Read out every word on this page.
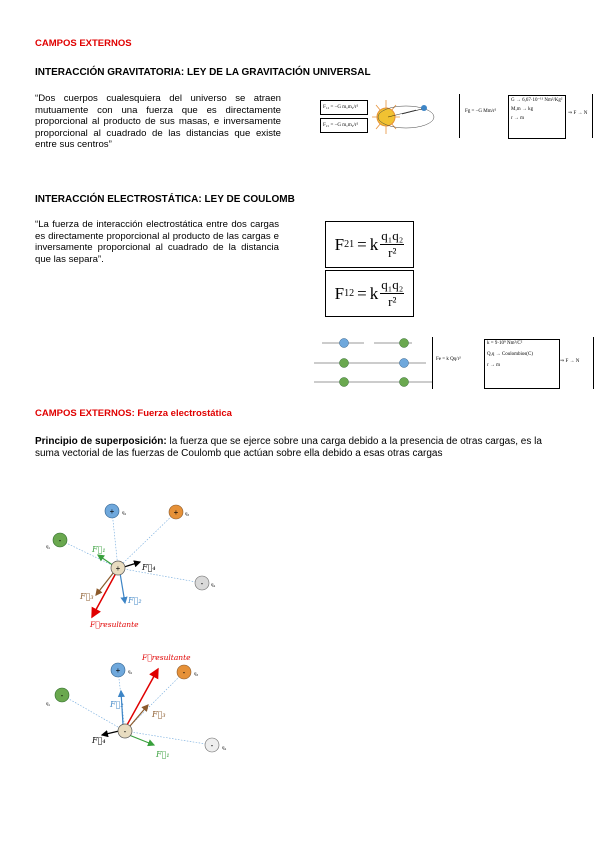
CAMPOS EXTERNOS
INTERACCIÓN GRAVITATORIA: LEY DE LA GRAVITACIÓN UNIVERSAL
“Dos cuerpos cualesquiera del universo se atraen mutuamente con una fuerza que es directamente proporcional al producto de sus masas, e inversamente proporcional al cuadrado de las distancias que existe entre sus centros”
F₁₂ = −G m₁m₂/r²
F₂₁ = −G m₁m₂/r²
Fg = −G Mm/r²
G → 6,67·10⁻¹¹ Nm²/Kg²
M,m → kg
r → m
⇒ F → N
INTERACCIÓN ELECTROSTÁTICA: LEY DE COULOMB
“La fuerza de interacción electrostática entre dos cargas es directamente proporcional al producto de las cargas e inversamente proporcional al cuadrado de la distancia que las separa”.
F 21 = k $\frac{\text{q₁q₂}}{\text{r²}}$
F 12 = k $\frac{\text{q₁q₂}}{\text{r²}}$
Fe = k Qq/r²
k = 9·10⁹ Nm²/C²
Q,q → Coulombios(C)
r → m
⇒ F → N
CAMPOS EXTERNOS: Fuerza electrostática
Principio de superposición: la fuerza que se ejerce sobre una carga debido a la presencia de otras cargas, es la suma vectorial de las fuerzas de Coulomb que actúan sobre ella debido a esas otras cargas
-
+	+
-
+
q₁
q₂	q₃
q₄
F⃗₁
F⃗₂
F⃗₃
F⃗₄
F⃗resultante
-
+	-
-
-
q₁
q₂	q₃
q₄
F⃗₁
F⃗₂
F⃗₃
F⃗₄
F⃗resultante
